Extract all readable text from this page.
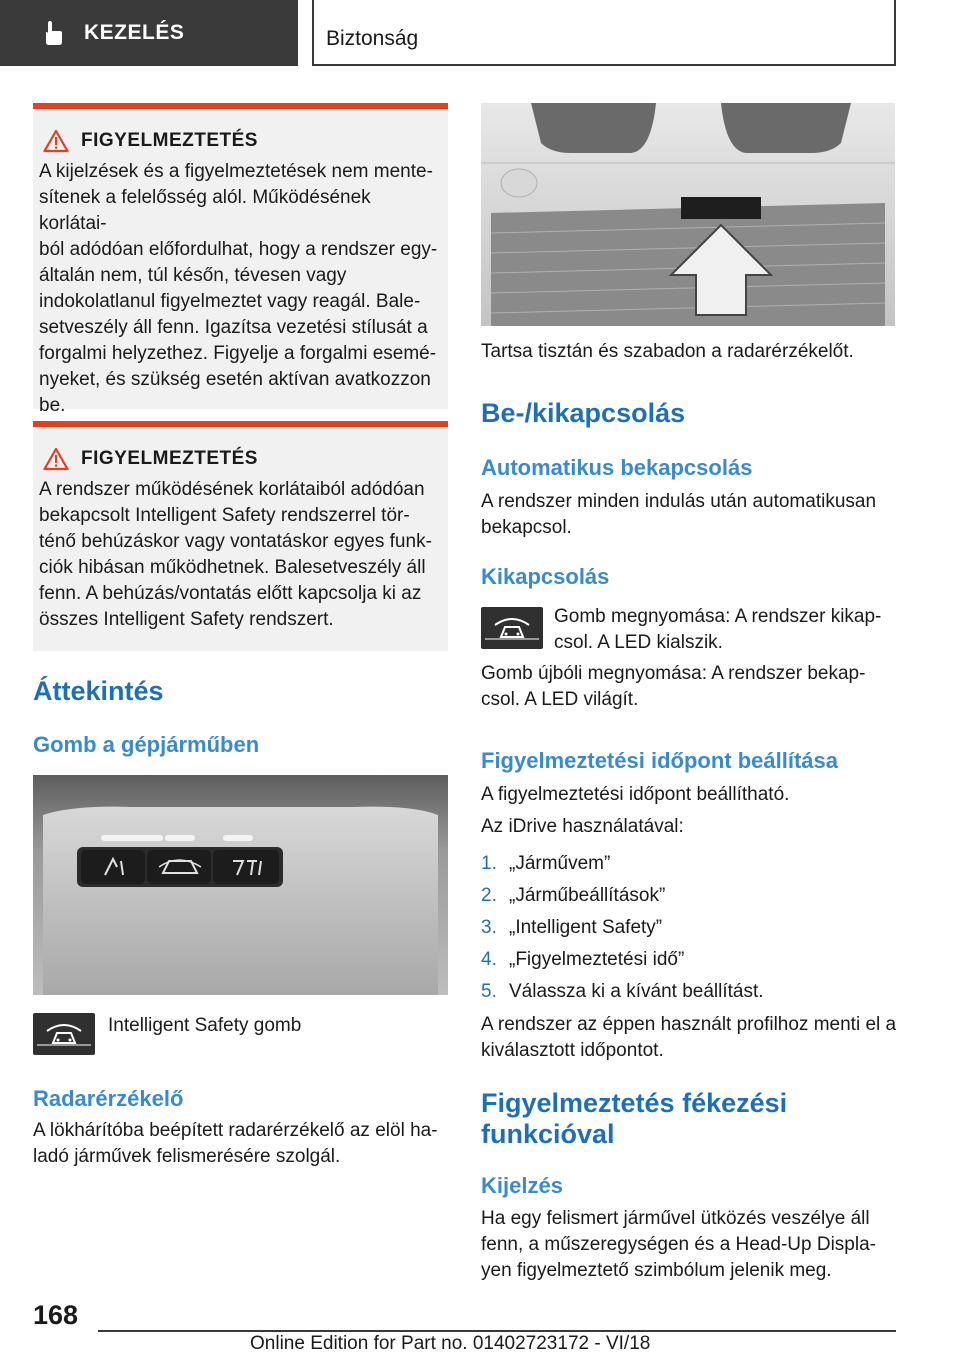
KEZELÉS	Biztonság
FIGYELMEZTETÉS

A kijelzések és a figyelmeztetések nem mente-
sítenek a felelősség alól. Működésének korlátai-
ból adódóan előfordulhat, hogy a rendszer egy-
általán nem, túl későn, tévesen vagy
indokolatlanul figyelmeztet vagy reagál. Bale-
setveszély áll fenn. Igazítsa vezetési stílusát a
forgalmi helyzethez. Figyelje a forgalmi esemé-
nyeket, és szükség esetén aktívan avatkozzon
be.

FIGYELMEZTETÉS

A rendszer működésének korlátaiból adódóan
bekapcsolt Intelligent Safety rendszerrel tör-
ténő behúzáskor vagy vontatáskor egyes funk-
ciók hibásan működhetnek. Balesetveszély áll
fenn. A behúzás/vontatás előtt kapcsolja ki az
összes Intelligent Safety rendszert.

Áttekintés
Gomb a gépjárműben

Intelligent Safety gomb

Radarérzékelő

A lökhárítóba beépített radarérzékelő az elöl ha-
ladó járművek felismerésére szolgál.

Tartsa tisztán és szabadon a radarérzékelőt.

Be-/kikapcsolás
Automatikus bekapcsolás

A rendszer minden indulás után automatikusan
bekapcsol.

Kikapcsolás

Gomb megnyomása: A rendszer kikap-
csol. A LED kialszik.

Gomb újbóli megnyomása: A rendszer bekap-
csol. A LED világít.

Figyelmeztetési időpont beállítása

A figyelmeztetési időpont beállítható.

Az iDrive használatával:

1. „Járművem”
2. „Járműbeállítások”
3. „Intelligent Safety”
4. „Figyelmeztetési idő”
5. Válassza ki a kívánt beállítást.

A rendszer az éppen használt profilhoz menti el a
kiválasztott időpontot.

Figyelmeztetés fékezési
funkcióval
Kijelzés

Ha egy felismert járművel ütközés veszélye áll
fenn, a műszeregységen és a Head-Up Displa-
yen figyelmeztető szimbólum jelenik meg.

168
Online Edition for Part no. 01402723172 - VI/18
